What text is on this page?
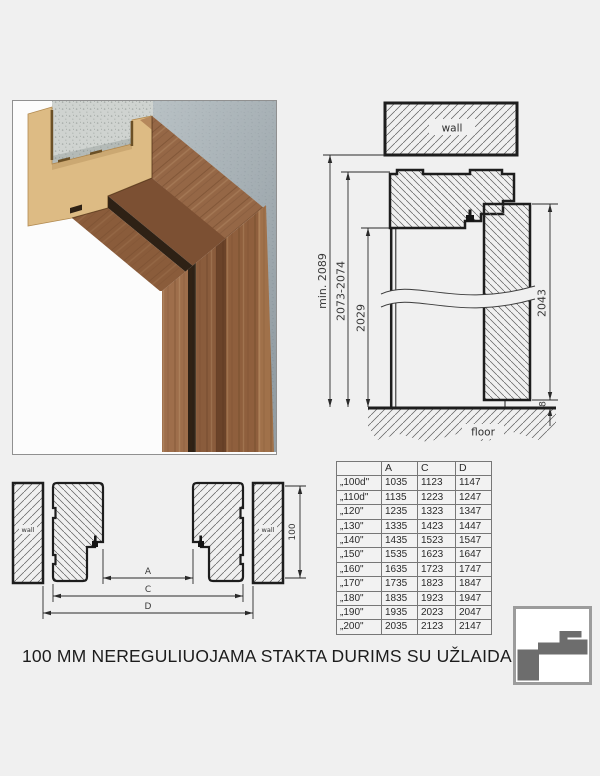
wall
floor
min. 2089 2073-2074 2029
2043
8
wall	wall 100
A
C
D
	A	C	D
„100d"	1035	1123	1147
„110d"	1135	1223	1247
„120"	1235	1323	1347
„130"	1335	1423	1447
„140"	1435	1523	1547
„150"	1535	1623	1647
„160"	1635	1723	1747
„170"	1735	1823	1847
„180"	1835	1923	1947
„190"	1935	2023	2047
„200"	2035	2123	2147
100 MM NEREGULIUOJAMA STAKTA DURIMS SU UŽLAIDA
